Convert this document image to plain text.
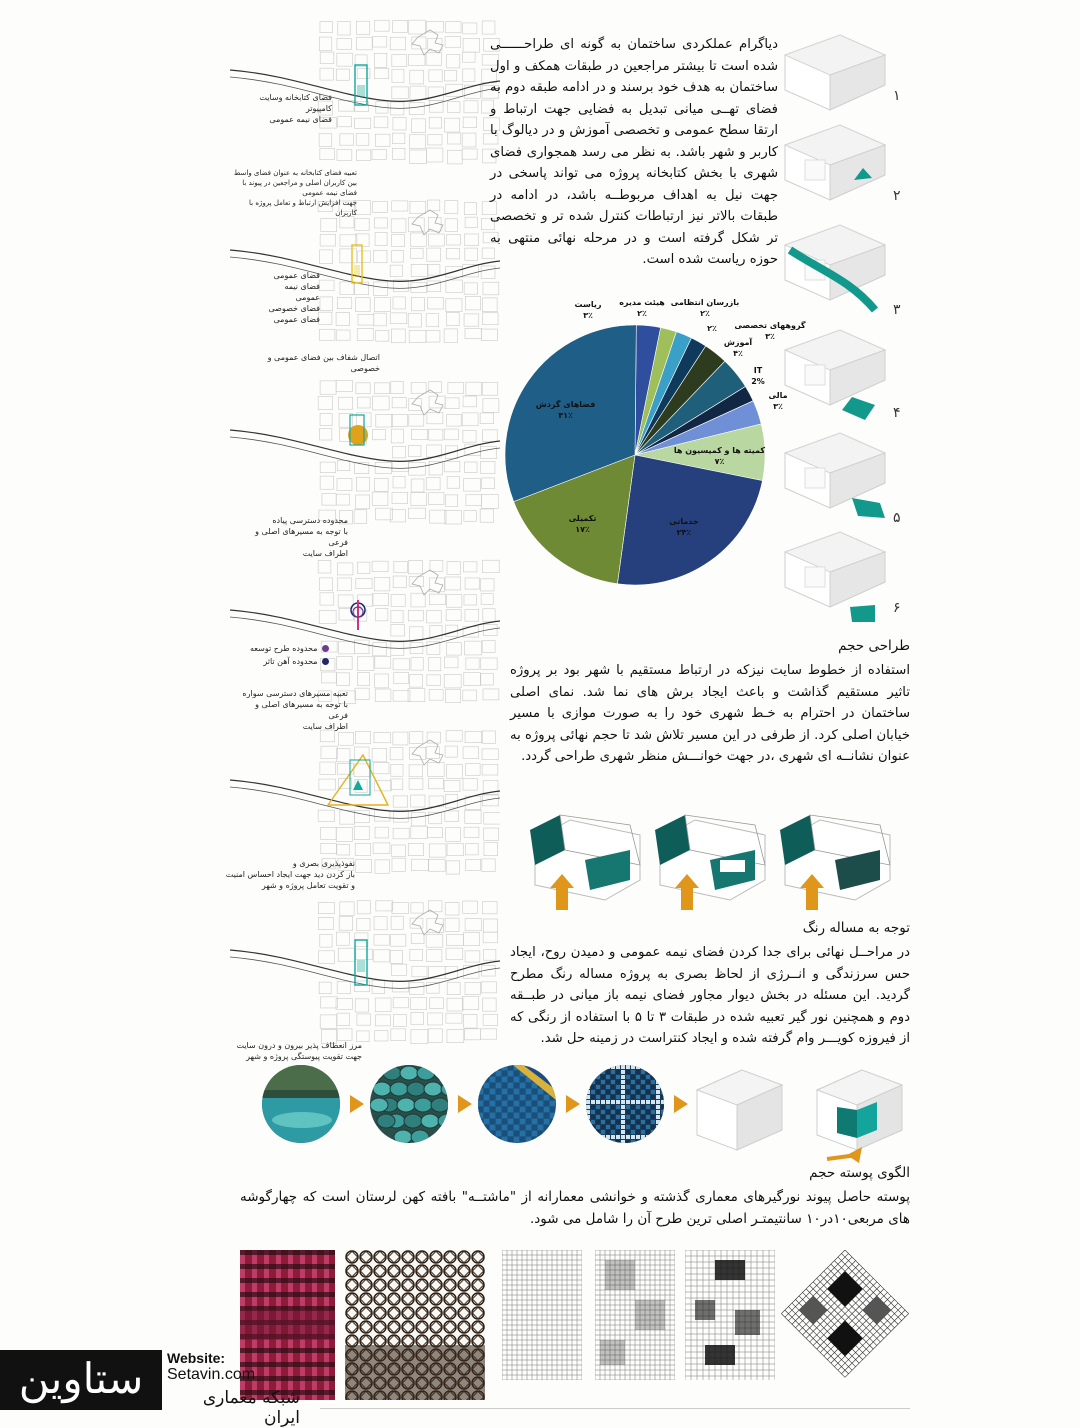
فضای کتابخانه وسایت کامپیوتر
فضای نیمه عمومی
تعبیه فضای کتابخانه به عنوان فضای واسط
بین کاربران اصلی و مراجعین در پیوند با فضای نیمه عمومی
جهت افزایش ارتباط و تعامل پروژه با کاربران
فضای عمومی
فضای نیمه عمومی
فضای خصوصی
فضای عمومی
اتصال شفاف بین فضای عمومی و خصوصی
محدوده دسترسی پیاده
با توجه به مسیرهای اصلی و فرعی
اطراف سایت
محدوده طرح توسعه
محدوده آهن تاثر
تعبیه مسیرهای دسترسی سواره
با توجه به مسیرهای اصلی و فرعی
اطراف سایت
نفوذپذیری بصری و
باز کردن دید جهت ایجاد احساس امنیت
و تقویت تعامل پروژه و شهر
مرز انعطاف پذیر بیرون و درون سایت
جهت تقویت پیوستگی پروژه و شهر
دیاگرام عملکردی ساختمان به گونه ای طراحــــــی شده است تا بیشتر مراجعین در طبقات همکف و اول ساختمان به هدف خود برسند و در ادامه طبقه دوم به فضای تهــی میانی تبدیل به فضایی جهت ارتباط و ارتقا سطح عمومی و تخصصی آموزش و در دیالوگ با کاربر و شهر باشد. به نظر می رسد همجواری فضای شهری با بخش کتابخانه پروژه می تواند پاسخی در جهت نیل به اهداف مربوطــه باشد، در ادامه در طبقات بالاتر نیز ارتباطات کنترل شده تر و تخصصی تر شکل گرفته است و در مرحله نهائی منتهی به حوزه ریاست شده است.
۱
۲
۳
۴
۵
۶
ریاست
۳٪
هیئت مدیره
۲٪
بازرسان انتظامی
۲٪
۲٪ گروههای تخصصی
۳٪
آموزش
۴٪
IT
2%
مالی
۳٪
کمیته ها و کمیسیون ها
۷٪
خدماتی
۲۴٪
تکمیلی
۱۷٪
فضاهای گردش
۳۱٪
طراحی حجم
استفاده از خطوط سایت نیزکه در ارتباط مستقیم با شهر بود بر پروژه تاثیر مستقیم گذاشت و باعث ایجاد برش های نما شد. نمای اصلی ساختمان در احترام به خـط شهری خود را به صورت موازی با مسیر خیابان اصلی کرد. از طرفی در این مسیر تلاش شد تا حجم نهائی پروژه به عنوان نشانــه ای شهری ،در جهت خوانـــش منظر شهری طراحی گردد.
توجه به مساله رنگ
در مراحــل نهائی برای جدا کردن فضای نیمه عمومی و دمیدن روح، ایجاد حس سرزندگی و انــرژی از لحاظ بصری به پروژه مساله رنگ مطرح گردید. این مسئله در بخش دیوار مجاور فضای نیمه باز میانی در طبــقه دوم و همچنین نور گیر تعبیه شده در طبقات ۳ تا ۵ با استفاده از رنگی که از فیروزه کویـــر وام گرفته شده و ایجاد کنتراست در زمینه حل شد.
الگوی پوسته حجم
پوسته حاصل پیوند نورگیرهای معماری گذشته و خوانشی معمارانه از "ماشتــه" بافته کهن لرستان است که چهارگوشه های مربعی۱۰در۱۰ سانتیمتـر اصلی ترین طرح آن را شامل می شود.
ستاوین	Website:
Setavin.com
شبکه معماری ایران
